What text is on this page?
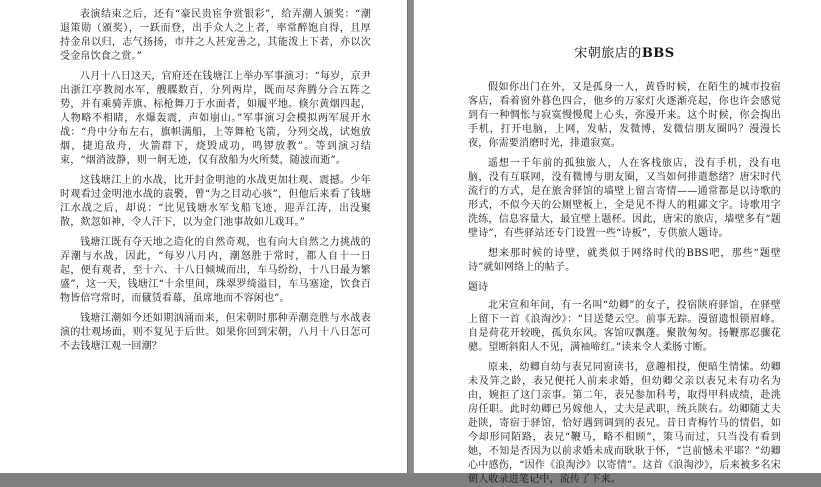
表演结束之后，还有“豪民贵宦争赏银彩”，给弄潮人颁奖：“潮退策勋（颁奖），一跃而登，出手众人之上者，率常醉饱自得，且厚持金帛以归，志气扬扬，市井之人甚宠善之，其能泼上下者，亦以次受金帛饮食之赏。”

八月十八日这天，官府还在钱塘江上举办军事演习：“每岁，京尹出浙江亭教阅水军，艘艓数百，分列两岸，既而尽奔腾分合五阵之势，并有乘骑弄旗、标枪舞刀于水面者，如履平地。倏尔黄烟四起，人物略不相睹，水爆轰震，声如崩山。”军事演习会模拟两军展开水战：“舟中分布左右，旗帜满船，上等舞枪飞箭，分列交战，试炮放烟，捷追敌舟，火箭群下，烧毁成功，鸣锣放教”。等到演习结束，“烟消波静，则一舸无迹，仅有敌船为火所焚，随波而逝”。

这钱塘江上的水战，比开封金明池的水战更加壮观、震撼。少年时观看过金明池水战的袁褧，曾“为之目动心骇”，但他后来看了钱塘江水战之后，却说：“比见钱塘水军戈船飞迹，迎弄江涛，出没聚散，欻忽如神，令人汗下，以为金门池事故如儿戏耳。”

钱塘江既有夺天地之造化的自然奇观，也有向大自然之力挑战的弄潮与水战，因此，“每岁八月内，潮怒胜于常时，都人自十一日起，便有观者，至十六、十八日倾城而出，车马纷纷，十八日最为繁盛”，这一天，钱塘江“十余里间，珠翠罗绮溢目，车马塞途，饮食百物皆倍穹常时，而僦赁看幕，虽席地而不容闲也”。

钱塘江潮如今还如期汹涌而来，但宋朝时那种弄潮竞胜与水战表演的壮观场面，则不复见于后世。如果你回到宋朝，八月十八日怎可不去钱塘江观一回潮？

宋朝旅店的BBS

假如你出门在外，又是孤身一人，黄昏时候，在陌生的城市投宿客店，看着窗外暮色四合，他乡的万家灯火逐渐亮起，你也许会感觉到有一种惆怅与寂寞慢慢爬上心头，弥漫开来。这个时候，你会掏出手机，打开电脑，上网，发帖，发微博，发微信朋友圈吗？漫漫长夜，你需要消磨时光，排遣寂寞。

遥想一千年前的孤独旅人，人在客栈旅店，没有手机，没有电脑，没有互联网，没有微博与朋友圈，又当如何排遣愁绪？唐宋时代流行的方式，是在旅舍驿馆的墙壁上留言寄情——通常都是以诗歌的形式，不似今天的公厕壁板上，全是见不得人的粗鄙文字。诗歌用字洗练，信息容量大，最宜壁上题杯。因此，唐宋的旅店，墙壁多有“题壁诗”，有些驿站还专门设置一些“诗板”，专供旅人题诗。

想来那时候的诗壁，就类似于网络时代的BBS吧，那些“题壁诗”就如网络上的帖子。

题诗

北宋宣和年间，有一名叫“幼卿”的女子，投宿陕府驿馆，在驿壁上留下一首《浪淘沙》：“目送楚云空。前事无踪。漫留遗恨锁眉峰。自是荷花开较晚，孤负东风。客馆叹飘蓬。聚散匆匆。扬鞭那忍骤花骢。望断斜阳人不见，满袖啼红。”读来令人柔肠寸断。

原来，幼卿自幼与表兄同窗读书，意趣相投，便暗生情愫。幼卿未及笄之龄，表兄便托人前来求婚，但幼卿父亲以表兄未有功名为由，婉拒了这门亲事。第二年，表兄参加科考，取得甲科成绩，赴洮房任职。此时幼卿已另嫁他人，丈夫是武职，统兵陕右。幼卿随丈夫赴陕，寄宿于驿馆，恰好遇到调到的表兄。昔日青梅竹马的情侣，如今却形同陌路，表兄“鞭马，略不相顾”，策马而过，只当没有看到她，不知是否因为以前求婚未成而耿耿于怀，“岂前憾未平耶？”幼卿心中感伤，“因作《浪淘沙》以寄情”。这首《浪淘沙》，后来被多名宋朝人收录进笔记中，流传了下来。
